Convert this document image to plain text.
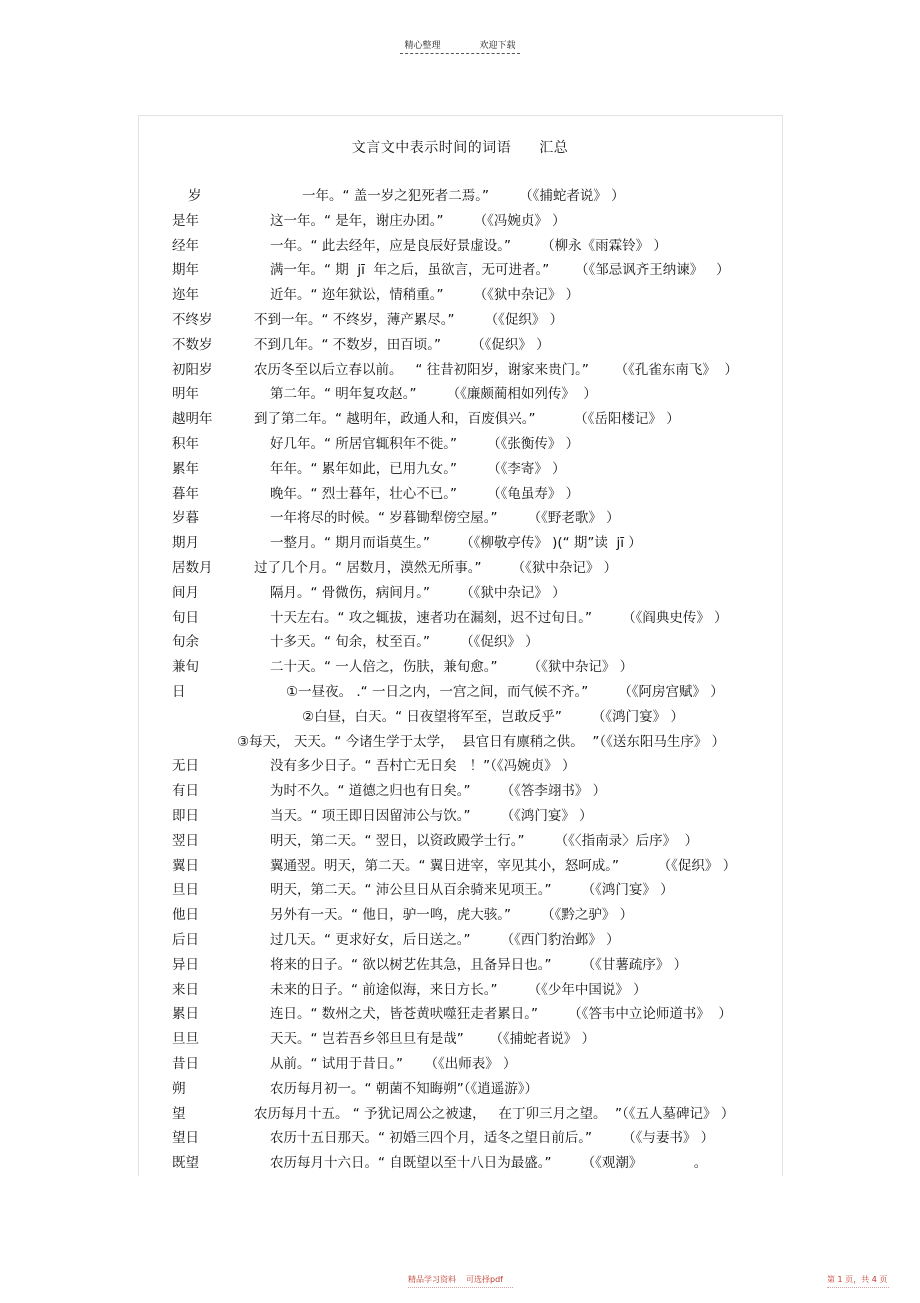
精心整理	欢迎下载
文言文中表示时间的词语 汇总
岁	一年。“ 盖一岁之犯死者二焉。”       （《捕蛇者说》 ）
是年	这一年。“ 是年，谢庄办团。”       （《冯婉贞》 ）
经年	一年。“ 此去经年，应是良辰好景虚设。”       （柳永《雨霖铃》 ）
期年	满一年。“ 期  jī  年之后，虽欲言，无可进者。”      （《邹忌讽齐王纳谏》   ）
迩年	近年。“ 迩年狱讼，情稍重。”       （《狱中杂记》 ）
不终岁	不到一年。“ 不终岁，薄产累尽。”       （《促织》 ）
不数岁	不到几年。“ 不数岁，田百顷。”       （《促织》 ）
初阳岁	农历冬至以后立春以前。   “ 往昔初阳岁，谢家来贵门。”      （《孔雀东南飞》  ）
明年	第二年。“ 明年复攻赵。”       （《廉颇蔺相如列传》  ）
越明年	到了第二年。“ 越明年，政通人和，百废俱兴。”         （《岳阳楼记》 ）
积年	好几年。“ 所居官辄积年不徙。”       （《张衡传》 ）
累年	年年。“ 累年如此，已用九女。”       （《李寄》 ）
暮年	晚年。“ 烈士暮年，壮心不已。”       （《龟虽寿》 ）
岁暮	一年将尽的时候。“ 岁暮锄犁傍空屋。”       （《野老歌》 ）
期月	一整月。“ 期月而诣莫生。”       （《柳敬亭传》 )(“ 期”读  jī ）
居数月	过了几个月。“ 居数月，漠然无所事。”       （《狱中杂记》 ）
间月	隔月。“ 骨微伤，病间月。”       （《狱中杂记》 ）
旬日	十天左右。“ 攻之辄拔，速者功在漏刻，迟不过旬日。”       （《阎典史传》 ）
旬余	十多天。“ 旬余，杖至百。”       （《促织》 ）
兼旬	二十天。“ 一人倍之，伤肤，兼旬愈。”       （《狱中杂记》 ）
日	①一昼夜。 .“ 一日之内，一宫之间，而气候不齐。”       （《阿房宫赋》 ）
②白昼，白天。“ 日夜望将军至，岂敢反乎”       （《鸿门宴》 ）
③每天， 天天。“ 今诸生学于太学，  县官日有廪稍之供。  ”（《送东阳马生序》 ）
无日	没有多少日子。“ 吾村亡无日矣   ！”（《冯婉贞》 ）
有日	为时不久。“ 道德之归也有日矣。”       （《答李翊书》 ）
即日	当天。“ 项王即日因留沛公与饮。”       （《鸿门宴》 ）
翌日	明天，第二天。“ 翌日，以资政殿学士行。”       （《〈指南录〉后序》  ）
翼日	翼通翌。明天，第二天。“ 翼日进宰，宰见其小，怒呵成。”         （《促织》 ）
旦日	明天，第二天。“ 沛公旦日从百余骑来见项王。”       （《鸿门宴》 ）
他日	另外有一天。“ 他日，驴一鸣，虎大骇。”       （《黔之驴》 ）
后日	过几天。“ 更求好女，后日送之。”       （《西门豹治邺》 ）
异日	将来的日子。“ 欲以树艺佐其急，且备异日也。”       （《甘薯疏序》 ）
来日	未来的日子。“ 前途似海，来日方长。”       （《少年中国说》 ）
累日	连日。“ 数州之犬，皆苍黄吠噬狂走者累日。”       （《答韦中立论师道书》  ）
旦旦	天天。“ 岂若吾乡邻旦旦有是哉”      （《捕蛇者说》 ）
昔日	从前。“ 试用于昔日。”     （《出师表》 ）
朔	农历每月初一。“ 朝菌不知晦朔”（《逍遥游》）
望	农历每月十五。 “ 予犹记周公之被逮，   在丁卯三月之望。  ”（《五人墓碑记》 ）
望日	农历十五日那天。“ 初婚三四个月，适冬之望日前后。”       （《与妻书》 ）
既望	农历每月十六日。“ 自既望以至十八日为最盛。”       （《观潮》            。
精品学习资料 可选择pdf	第 1 页，共 4 页
